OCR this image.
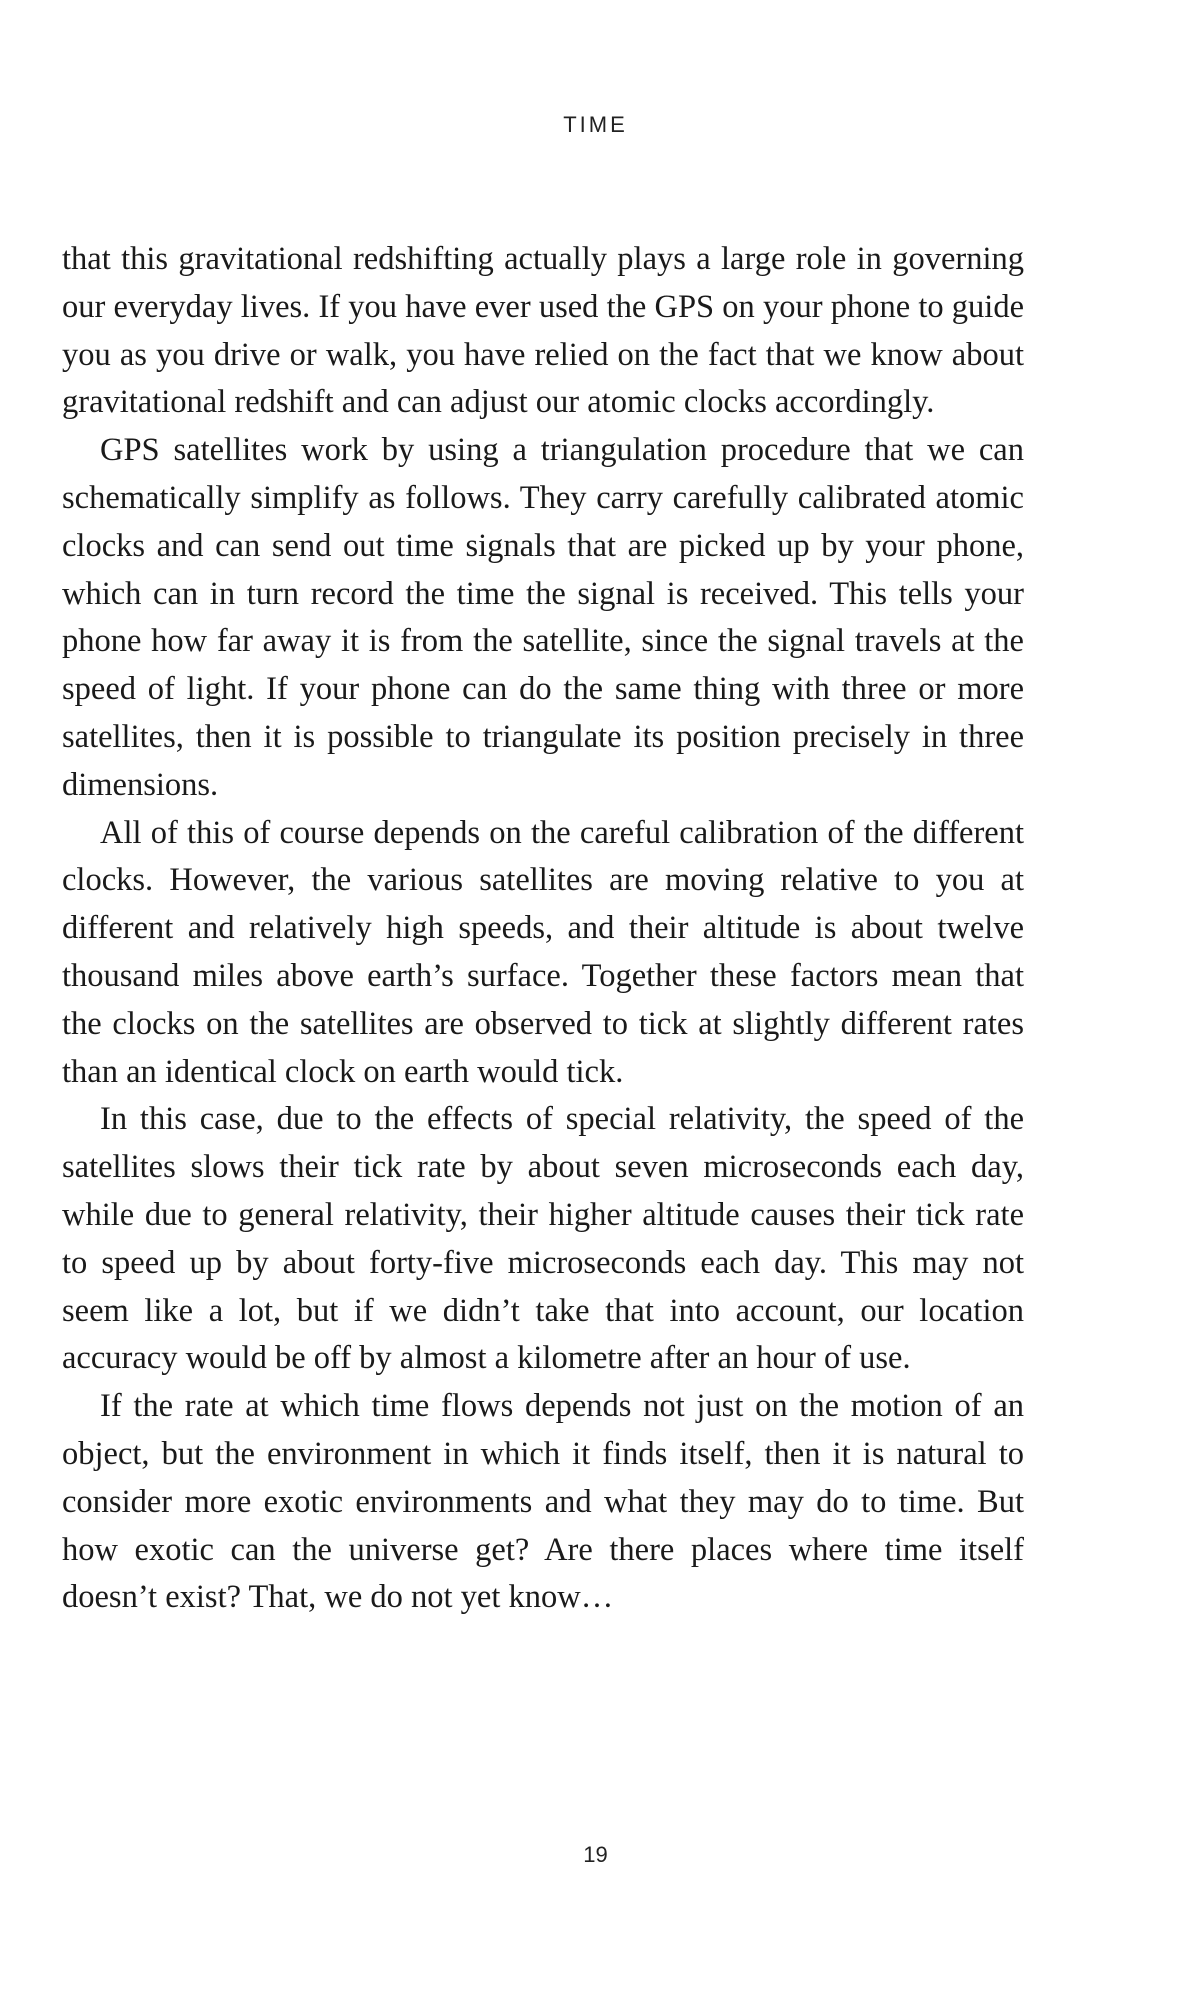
TIME

that this gravitational redshifting actually plays a large role in governing our everyday lives. If you have ever used the GPS on your phone to guide you as you drive or walk, you have relied on the fact that we know about gravitational redshift and can adjust our atomic clocks accordingly.

GPS satellites work by using a triangulation procedure that we can schematically simplify as follows. They carry carefully calibrated atomic clocks and can send out time signals that are picked up by your phone, which can in turn record the time the signal is received. This tells your phone how far away it is from the satellite, since the signal travels at the speed of light. If your phone can do the same thing with three or more satellites, then it is possible to triangulate its position precisely in three dimensions.

All of this of course depends on the careful calibration of the different clocks. However, the various satellites are moving relative to you at different and relatively high speeds, and their altitude is about twelve thousand miles above earth’s surface. Together these factors mean that the clocks on the satellites are observed to tick at slightly different rates than an identical clock on earth would tick.

In this case, due to the effects of special relativity, the speed of the satellites slows their tick rate by about seven microseconds each day, while due to general relativity, their higher altitude causes their tick rate to speed up by about forty-five microseconds each day. This may not seem like a lot, but if we didn’t take that into account, our location accuracy would be off by almost a kilometre after an hour of use.

If the rate at which time flows depends not just on the motion of an object, but the environment in which it finds itself, then it is natural to consider more exotic environments and what they may do to time. But how exotic can the universe get? Are there places where time itself doesn’t exist? That, we do not yet know…

19
